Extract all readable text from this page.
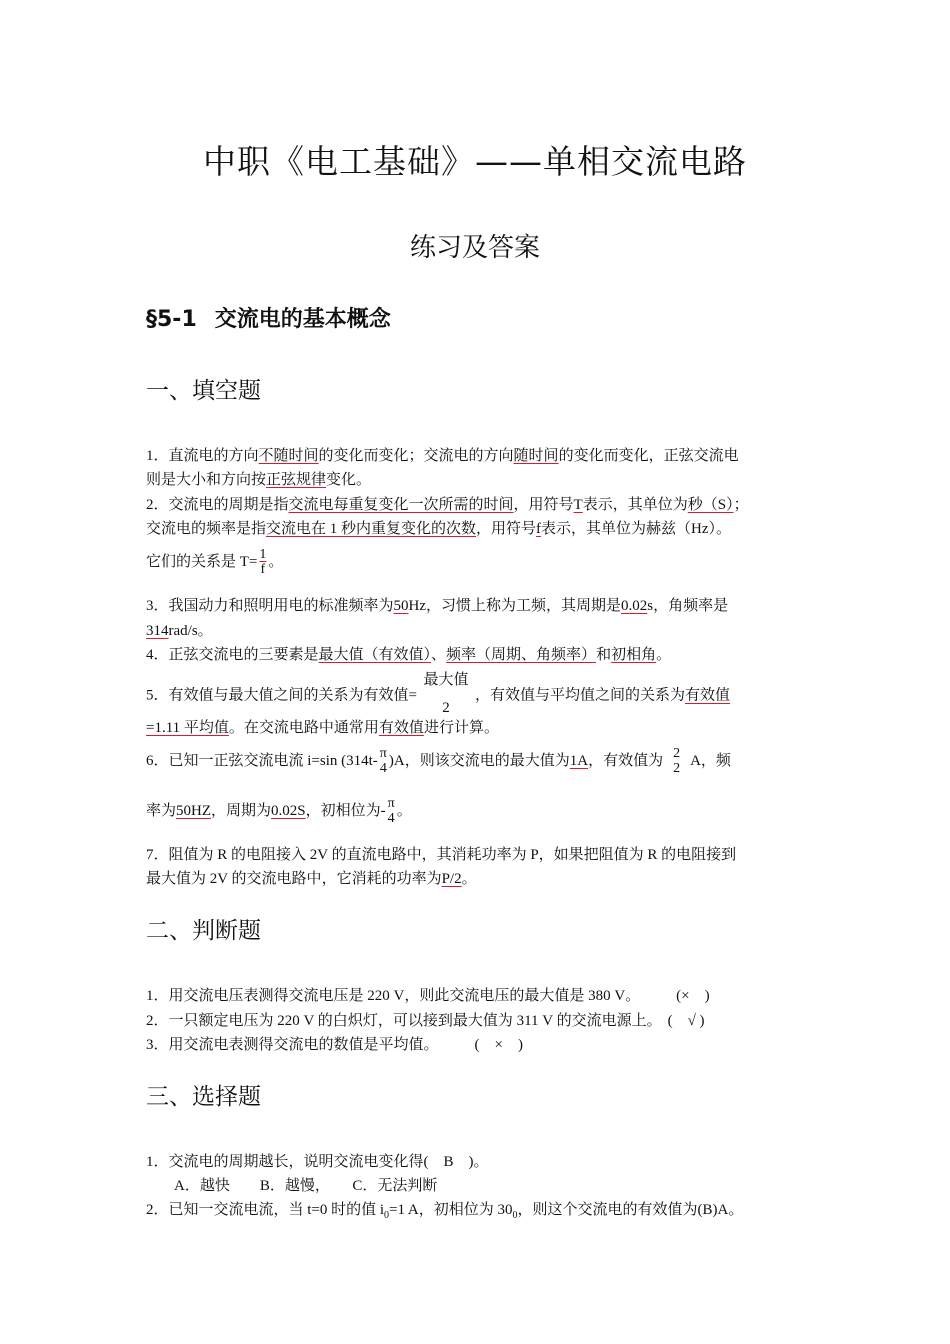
中职《电工基础》——单相交流电路
练习及答案
§5-1 交流电的基本概念
一、填空题
1．直流电的方向不随时间的变化而变化；交流电的方向随时间的变化而变化，正弦交流电
则是大小和方向按正弦规律变化。
2．交流电的周期是指交流电每重复变化一次所需的时间，用符号T表示，其单位为秒（S）；
交流电的频率是指交流电在 1 秒内重复变化的次数，用符号f表示，其单位为赫兹（Hz）。
它们的关系是 $T= \frac{1}{f}$ 。
3．我国动力和照明用电的标准频率为50Hz，习惯上称为工频，其周期是0.02s，角频率是
314rad/s。
4．正弦交流电的三要素是最大值（有效值）、频率（周期、角频率）和初相角。
5．有效值与最大值之间的关系为有效值=
最大值
2
，有效值与平均值之间的关系为有效值
=1.11 平均值。在交流电路中通常用有效值进行计算。
6．已知一正弦交流电流 i=sin (314t- π
4 )A，则该交流电的最大值为1A，有效值为 2
2 A，频
率为50HZ，周期为0.02S，初相位为- π
4 。
7．阻值为 R 的电阻接入 2V 的直流电路中，其消耗功率为 P，如果把阻值为 R 的电阻接到
最大值为 2V 的交流电路中，它消耗的功率为P/2。
二、判断题
1．用交流电压表测得交流电压是 220 V，则此交流电压的最大值是 380 V。 (×　)
2．一只额定电压为 220 V 的白炽灯，可以接到最大值为 311 V 的交流电源上。 (　√ )
3．用交流电表测得交流电的数值是平均值。 (　×　)
三、选择题
1．交流电的周期越长，说明交流电变化得(　B　)。
A．越快　　B．越慢，　　C．无法判断
2．已知一交流电流，当 t=0 时的值 $i_0=1$ A，初相位为 $30_0$，则这个交流电的有效值为(B)A。
